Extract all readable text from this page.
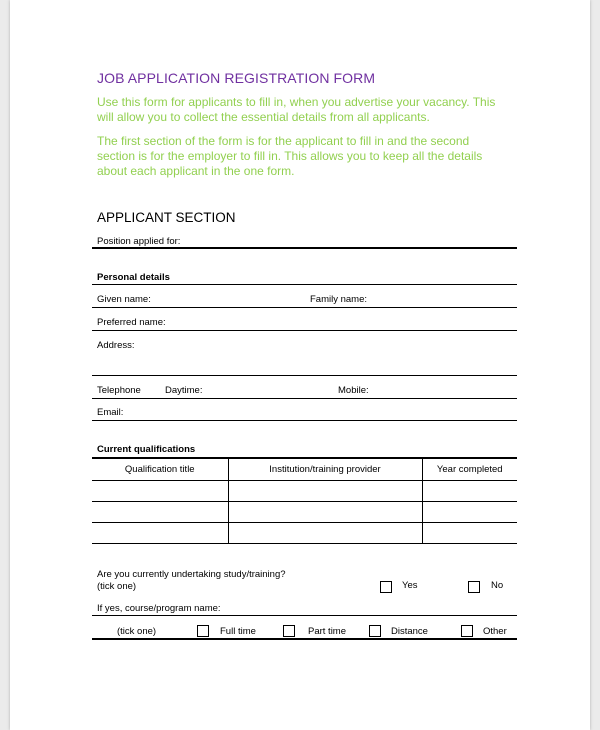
JOB APPLICATION REGISTRATION FORM
Use this form for applicants to fill in, when you advertise your vacancy. This
will allow you to collect the essential details from all applicants.
The first section of the form is for the applicant to fill in and the second
section is for the employer to fill in. This allows you to keep all the details
about each applicant in the one form.
APPLICANT SECTION
Position applied for:
Personal details
Given name:	Family name:
Preferred name:
Address:
Telephone	Daytime:	Mobile:
Email:
Current qualifications
Qualification title	Institution/training provider	Year completed

Are you currently undertaking study/training?
(tick one)	Yes	No
If yes, course/program name:
(tick one)	Full time	Part time	Distance	Other
